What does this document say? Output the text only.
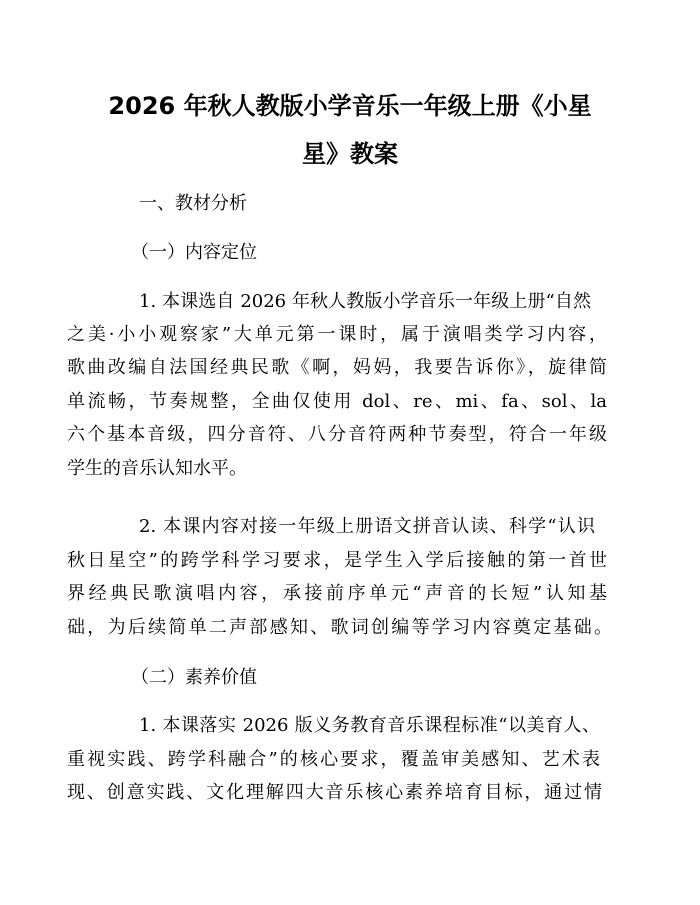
2026 年秋人教版小学音乐一年级上册《小星
星》教案

一、教材分析

（一）内容定位

1. 本课选自 2026 年秋人教版小学音乐一年级上册“自然

之美·小小观察家”大单元第一课时，属于演唱类学习内容，

歌曲改编自法国经典民歌《啊，妈妈，我要告诉你》，旋律简

单流畅，节奏规整，全曲仅使用 dol、re、mi、fa、sol、la

六个基本音级，四分音符、八分音符两种节奏型，符合一年级

学生的音乐认知水平。

2. 本课内容对接一年级上册语文拼音认读、科学“认识

秋日星空”的跨学科学习要求，是学生入学后接触的第一首世

界经典民歌演唱内容，承接前序单元“声音的长短”认知基

础，为后续简单二声部感知、歌词创编等学习内容奠定基础。

（二）素养价值

1. 本课落实 2026 版义务教育音乐课程标准“以美育人、

重视实践、跨学科融合”的核心要求，覆盖审美感知、艺术表

现、创意实践、文化理解四大音乐核心素养培育目标，通过情
